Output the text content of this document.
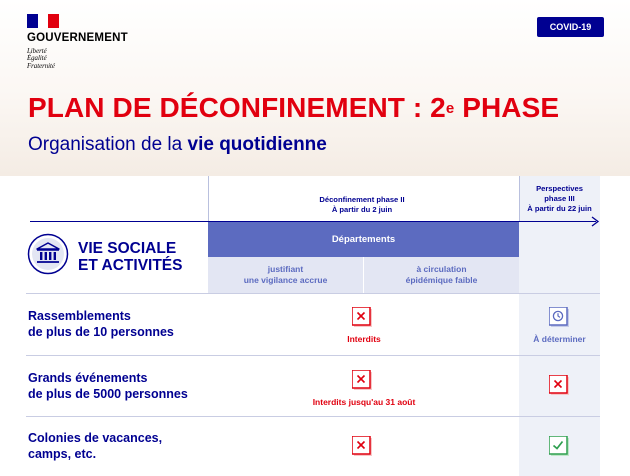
GOUVERNEMENT
Liberté
Égalité
Fraternité
COVID-19
PLAN DE DÉCONFINEMENT : 2e PHASE
Organisation de la vie quotidienne
Déconfinement phase II
À partir du 2 juin
Perspectives
phase III
À partir du 22 juin
Départements
justifiant
une vigilance accrue
à circulation
épidémique faible
VIE SOCIALE
ET ACTIVITÉS
Rassemblements
de plus de 10 personnes
Interdits	À déterminer
Grands événements
de plus de 5000 personnes
Interdits jusqu'au 31 août
Colonies de vacances,
camps, etc.
